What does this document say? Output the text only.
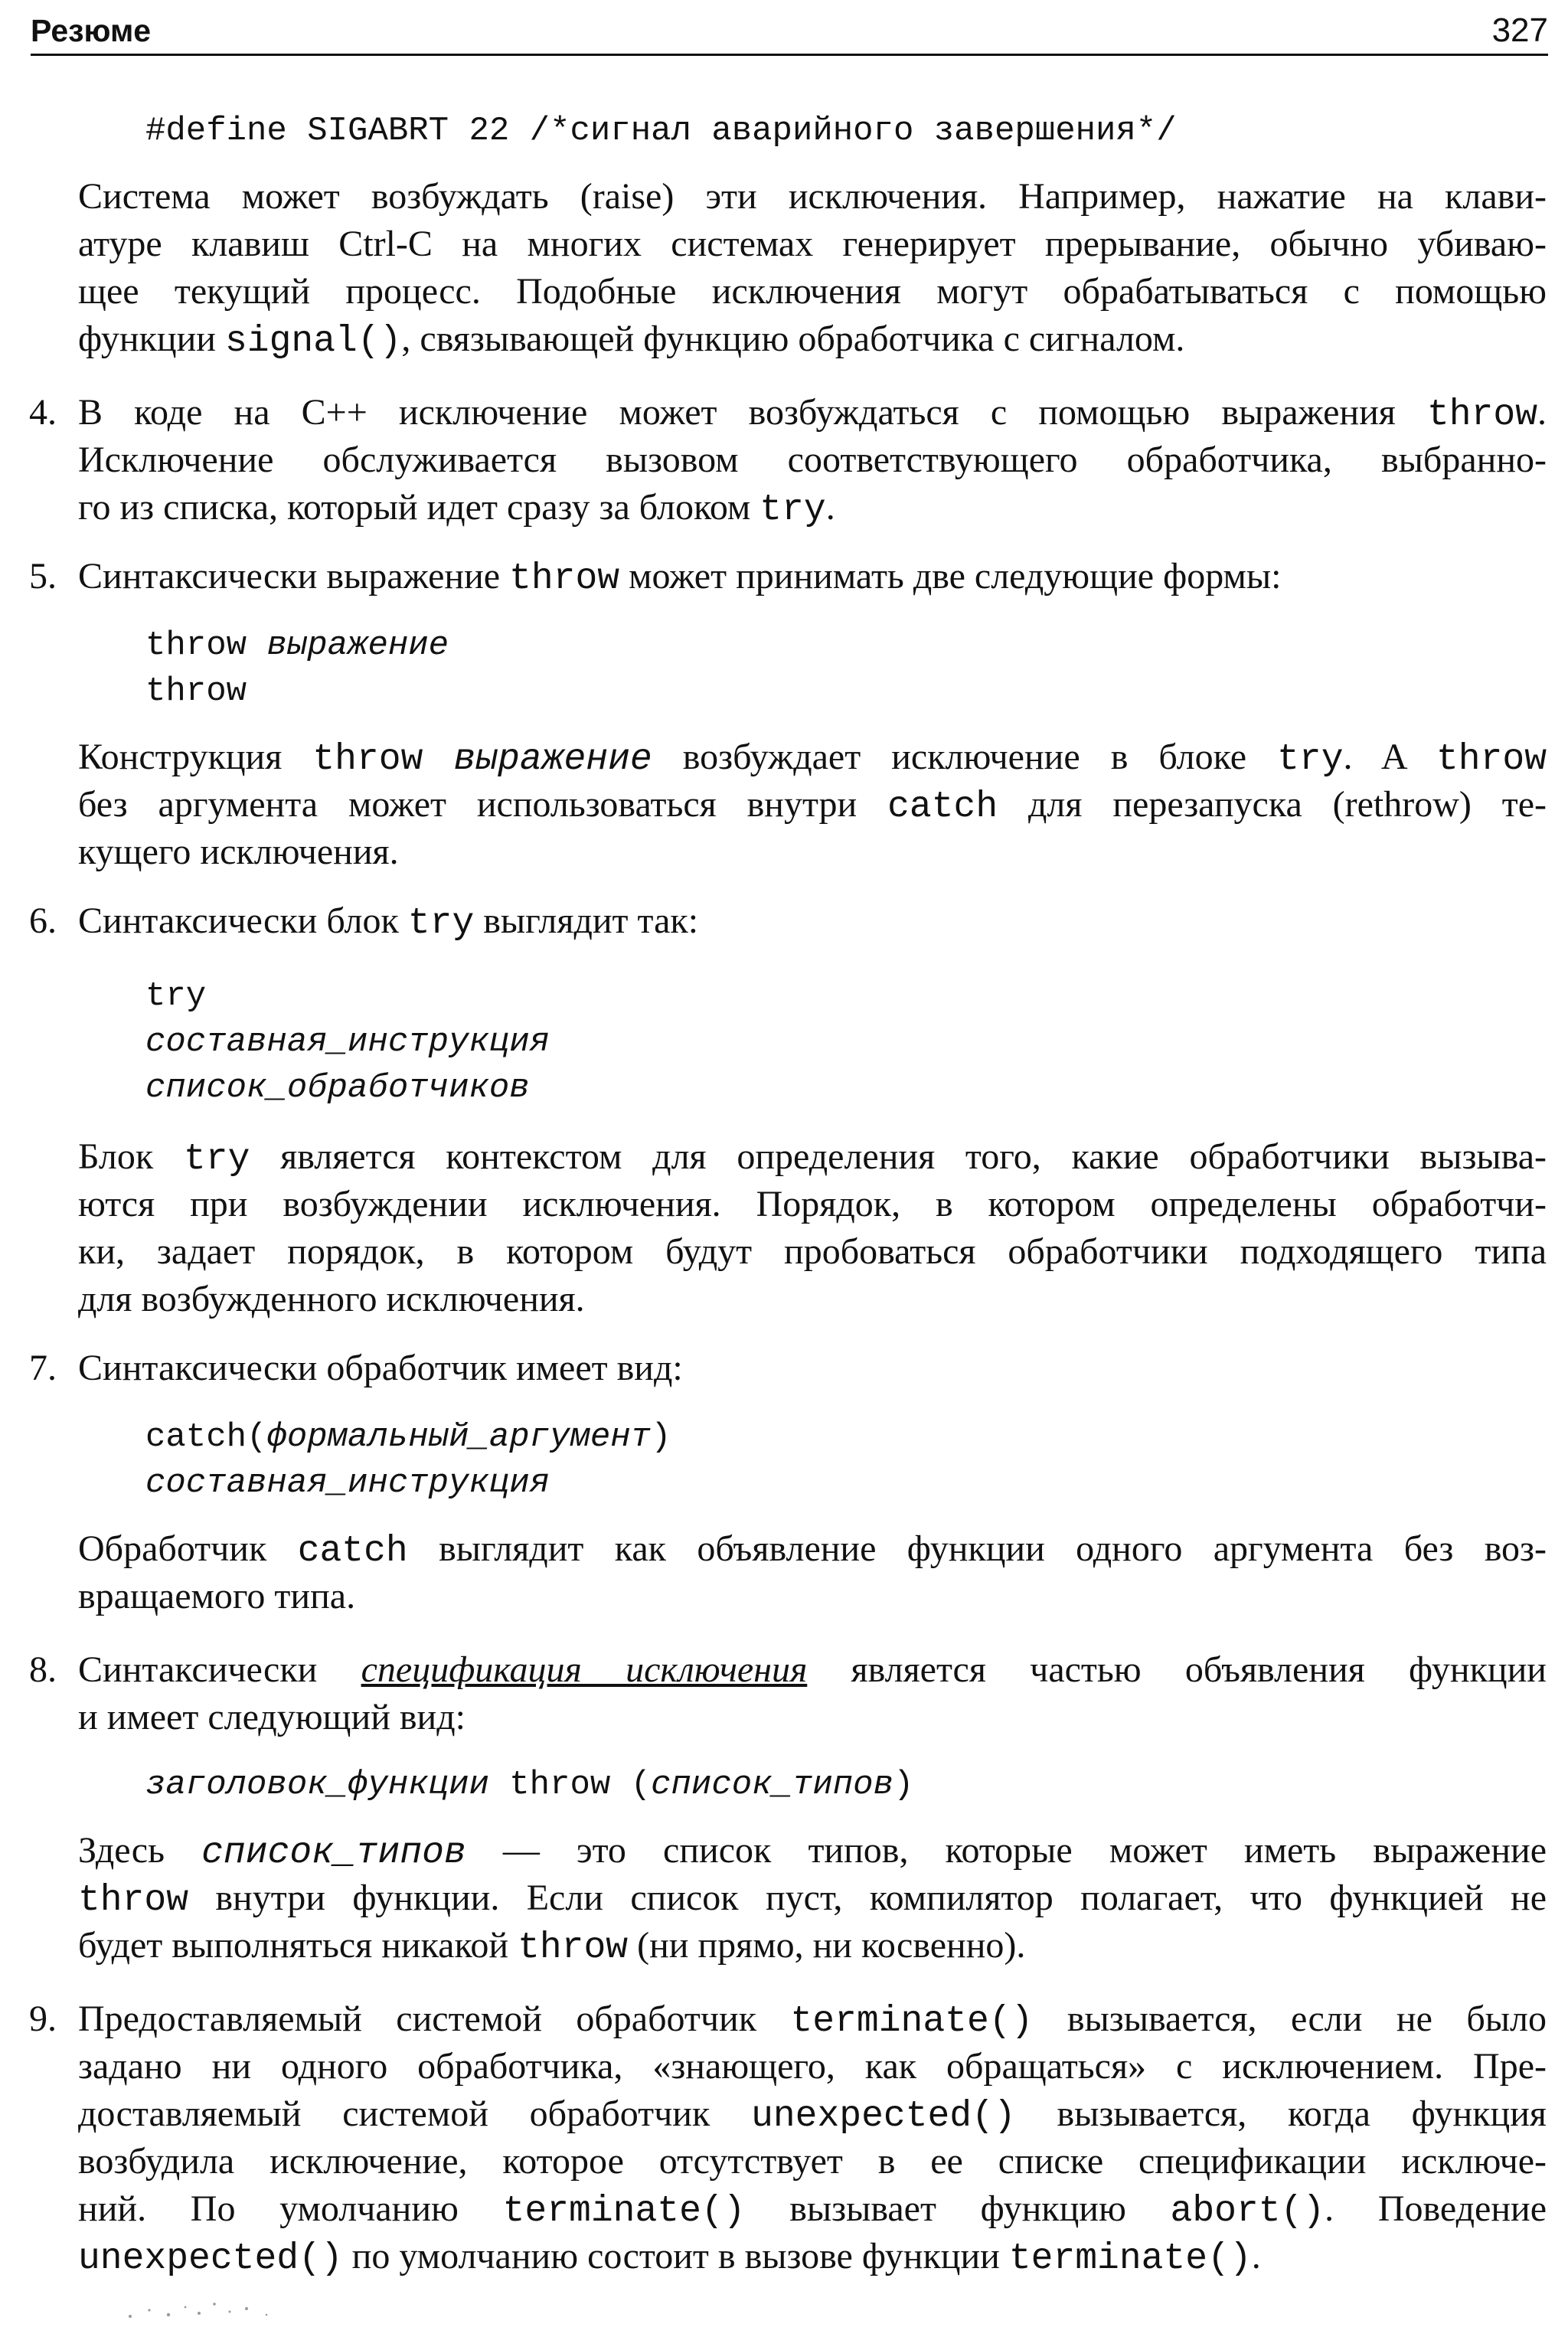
Резюме	327
#define SIGABRT 22 /*сигнал аварийного завершения*/
Система может возбуждать (raise) эти исключения. Например, нажатие на клави-
атуре клавиш Ctrl-C на многих системах генерирует прерывание, обычно убиваю-
щее текущий процесс. Подобные исключения могут обрабатываться с помощью
функции signal(), связывающей функцию обработчика с сигналом.
4. В коде на С++ исключение может возбуждаться с помощью выражения throw.
Исключение обслуживается вызовом соответствующего обработчика, выбранно-
го из списка, который идет сразу за блоком try.
5. Синтаксически выражение throw может принимать две следующие формы:
throw выражение
throw
Конструкция throw выражение возбуждает исключение в блоке try. A throw
без аргумента может использоваться внутри catch для перезапуска (rethrow) те-
кущего исключения.
6. Синтаксически блок try выглядит так:
try
составная_инструкция
список_обработчиков
Блок try является контекстом для определения того, какие обработчики вызыва-
ются при возбуждении исключения. Порядок, в котором определены обработчи-
ки, задает порядок, в котором будут пробоваться обработчики подходящего типа
для возбужденного исключения.
7. Синтаксически обработчик имеет вид:
catch(формальный_аргумент)
составная_инструкция
Обработчик catch выглядит как объявление функции одного аргумента без воз-
вращаемого типа.
8. Синтаксически спецификация исключения является частью объявления функции
и имеет следующий вид:
заголовок_функции throw (список_типов)
Здесь список_типов — это список типов, которые может иметь выражение
throw внутри функции. Если список пуст, компилятор полагает, что функцией не
будет выполняться никакой throw (ни прямо, ни косвенно).
9. Предоставляемый системой обработчик terminate() вызывается, если не было
задано ни одного обработчика, «знающего, как обращаться» с исключением. Пре-
доставляемый системой обработчик unexpected() вызывается, когда функция
возбудила исключение, которое отсутствует в ее списке спецификации исключе-
ний. По умолчанию terminate() вызывает функцию abort(). Поведение
unexpected() по умолчанию состоит в вызове функции terminate().
